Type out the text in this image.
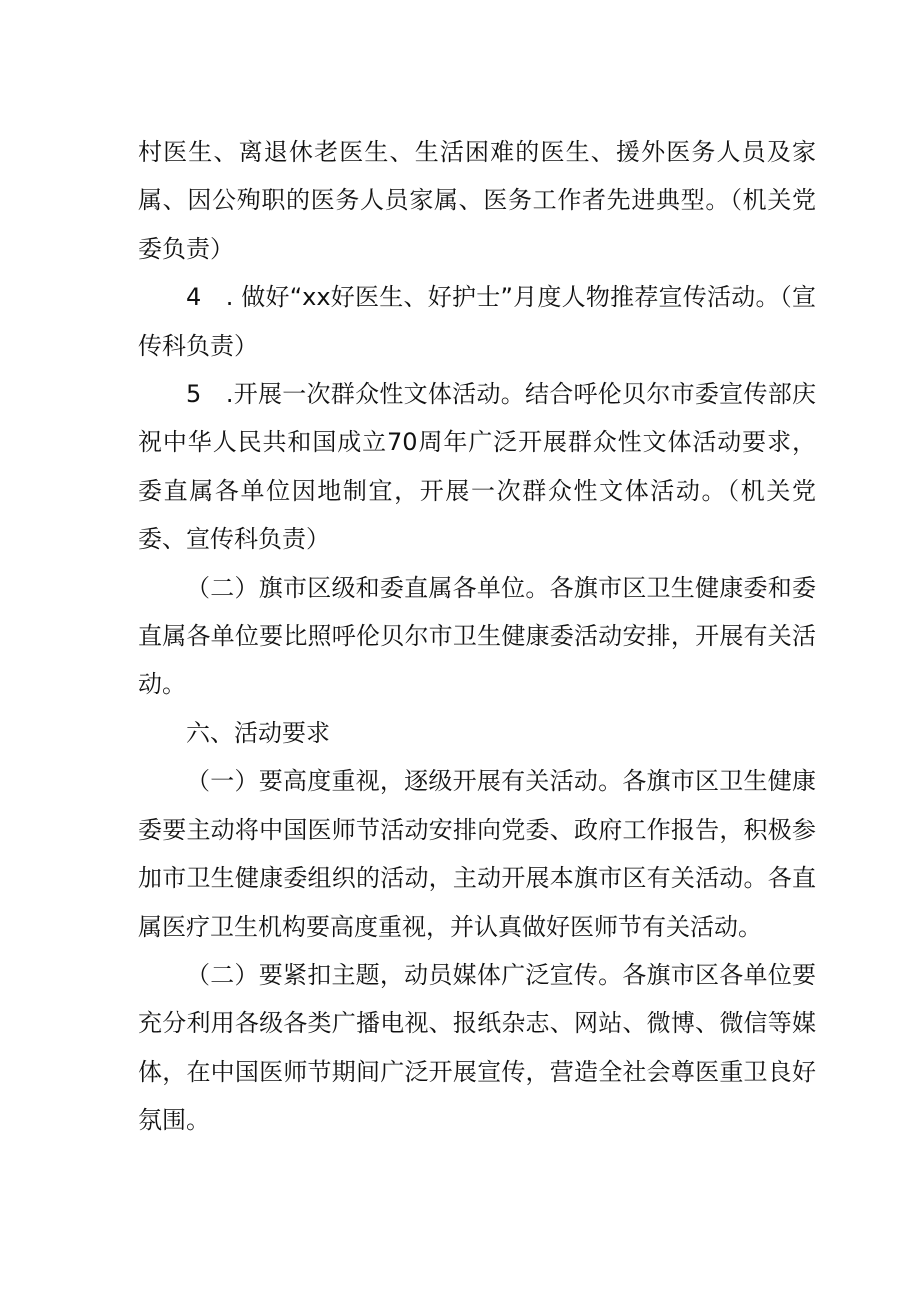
村医生、离退休老医生、生活困难的医生、援外医务人员及家属、因公殉职的医务人员家属、医务工作者先进典型。（机关党委负责）

4　. 做好“xx好医生、好护士”月度人物推荐宣传活动。（宣传科负责）

5　.开展一次群众性文体活动。结合呼伦贝尔市委宣传部庆祝中华人民共和国成立70周年广泛开展群众性文体活动要求，委直属各单位因地制宜，开展一次群众性文体活动。（机关党委、宣传科负责）

（二）旗市区级和委直属各单位。各旗市区卫生健康委和委直属各单位要比照呼伦贝尔市卫生健康委活动安排，开展有关活动。

六、活动要求

（一）要高度重视，逐级开展有关活动。各旗市区卫生健康委要主动将中国医师节活动安排向党委、政府工作报告，积极参加市卫生健康委组织的活动，主动开展本旗市区有关活动。各直属医疗卫生机构要高度重视，并认真做好医师节有关活动。

（二）要紧扣主题，动员媒体广泛宣传。各旗市区各单位要充分利用各级各类广播电视、报纸杂志、网站、微博、微信等媒体，在中国医师节期间广泛开展宣传，营造全社会尊医重卫良好氛围。
